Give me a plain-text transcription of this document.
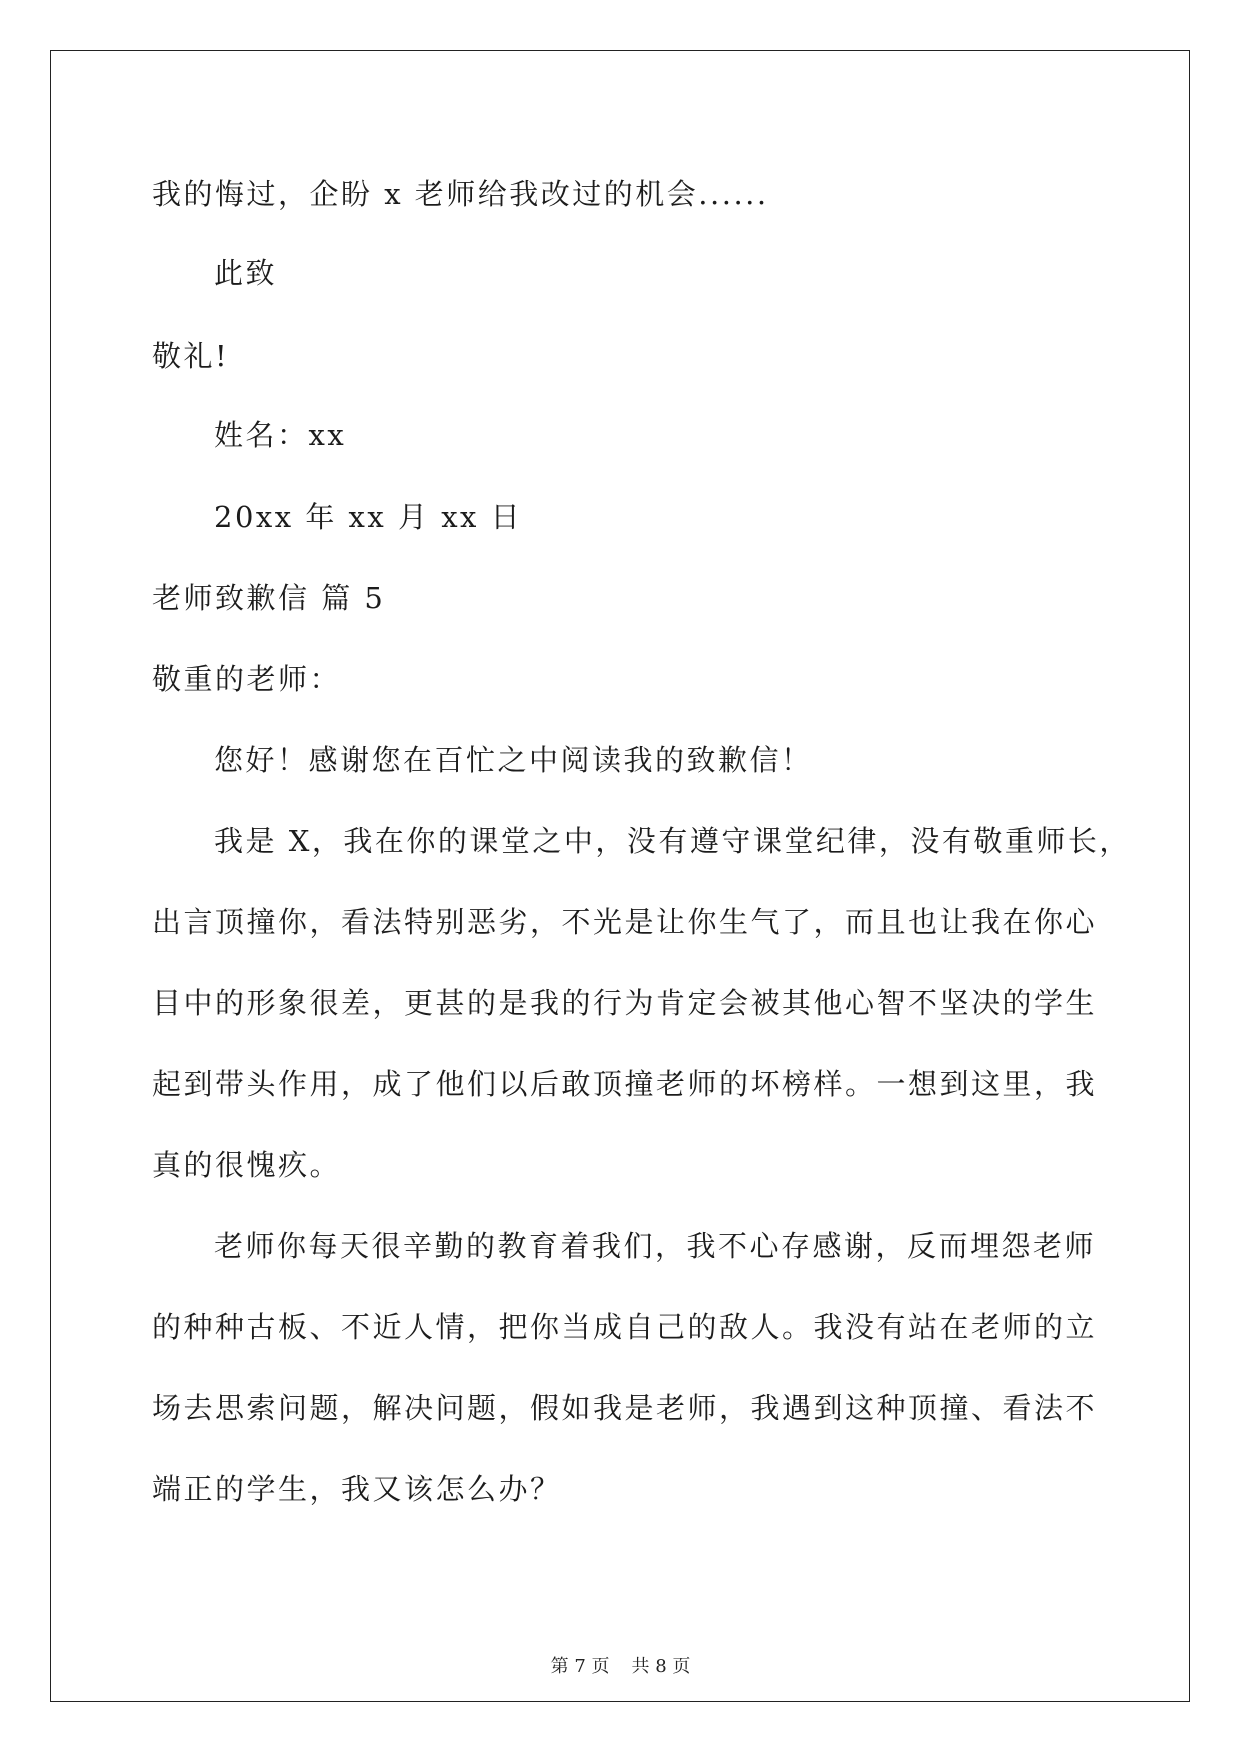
我的悔过，企盼 x 老师给我改过的机会......
此致
敬礼!
姓名：xx
20xx 年 xx 月 xx 日
老师致歉信 篇 5
敬重的老师：
您好！感谢您在百忙之中阅读我的致歉信！
我是 X，我在你的课堂之中，没有遵守课堂纪律，没有敬重师长，
出言顶撞你，看法特别恶劣，不光是让你生气了，而且也让我在你心
目中的形象很差，更甚的是我的行为肯定会被其他心智不坚决的学生
起到带头作用，成了他们以后敢顶撞老师的坏榜样。一想到这里，我
真的很愧疚。
老师你每天很辛勤的教育着我们，我不心存感谢，反而埋怨老师
的种种古板、不近人情，把你当成自己的敌人。我没有站在老师的立
场去思索问题，解决问题，假如我是老师，我遇到这种顶撞、看法不
端正的学生，我又该怎么办？
第 7 页 共 8 页
